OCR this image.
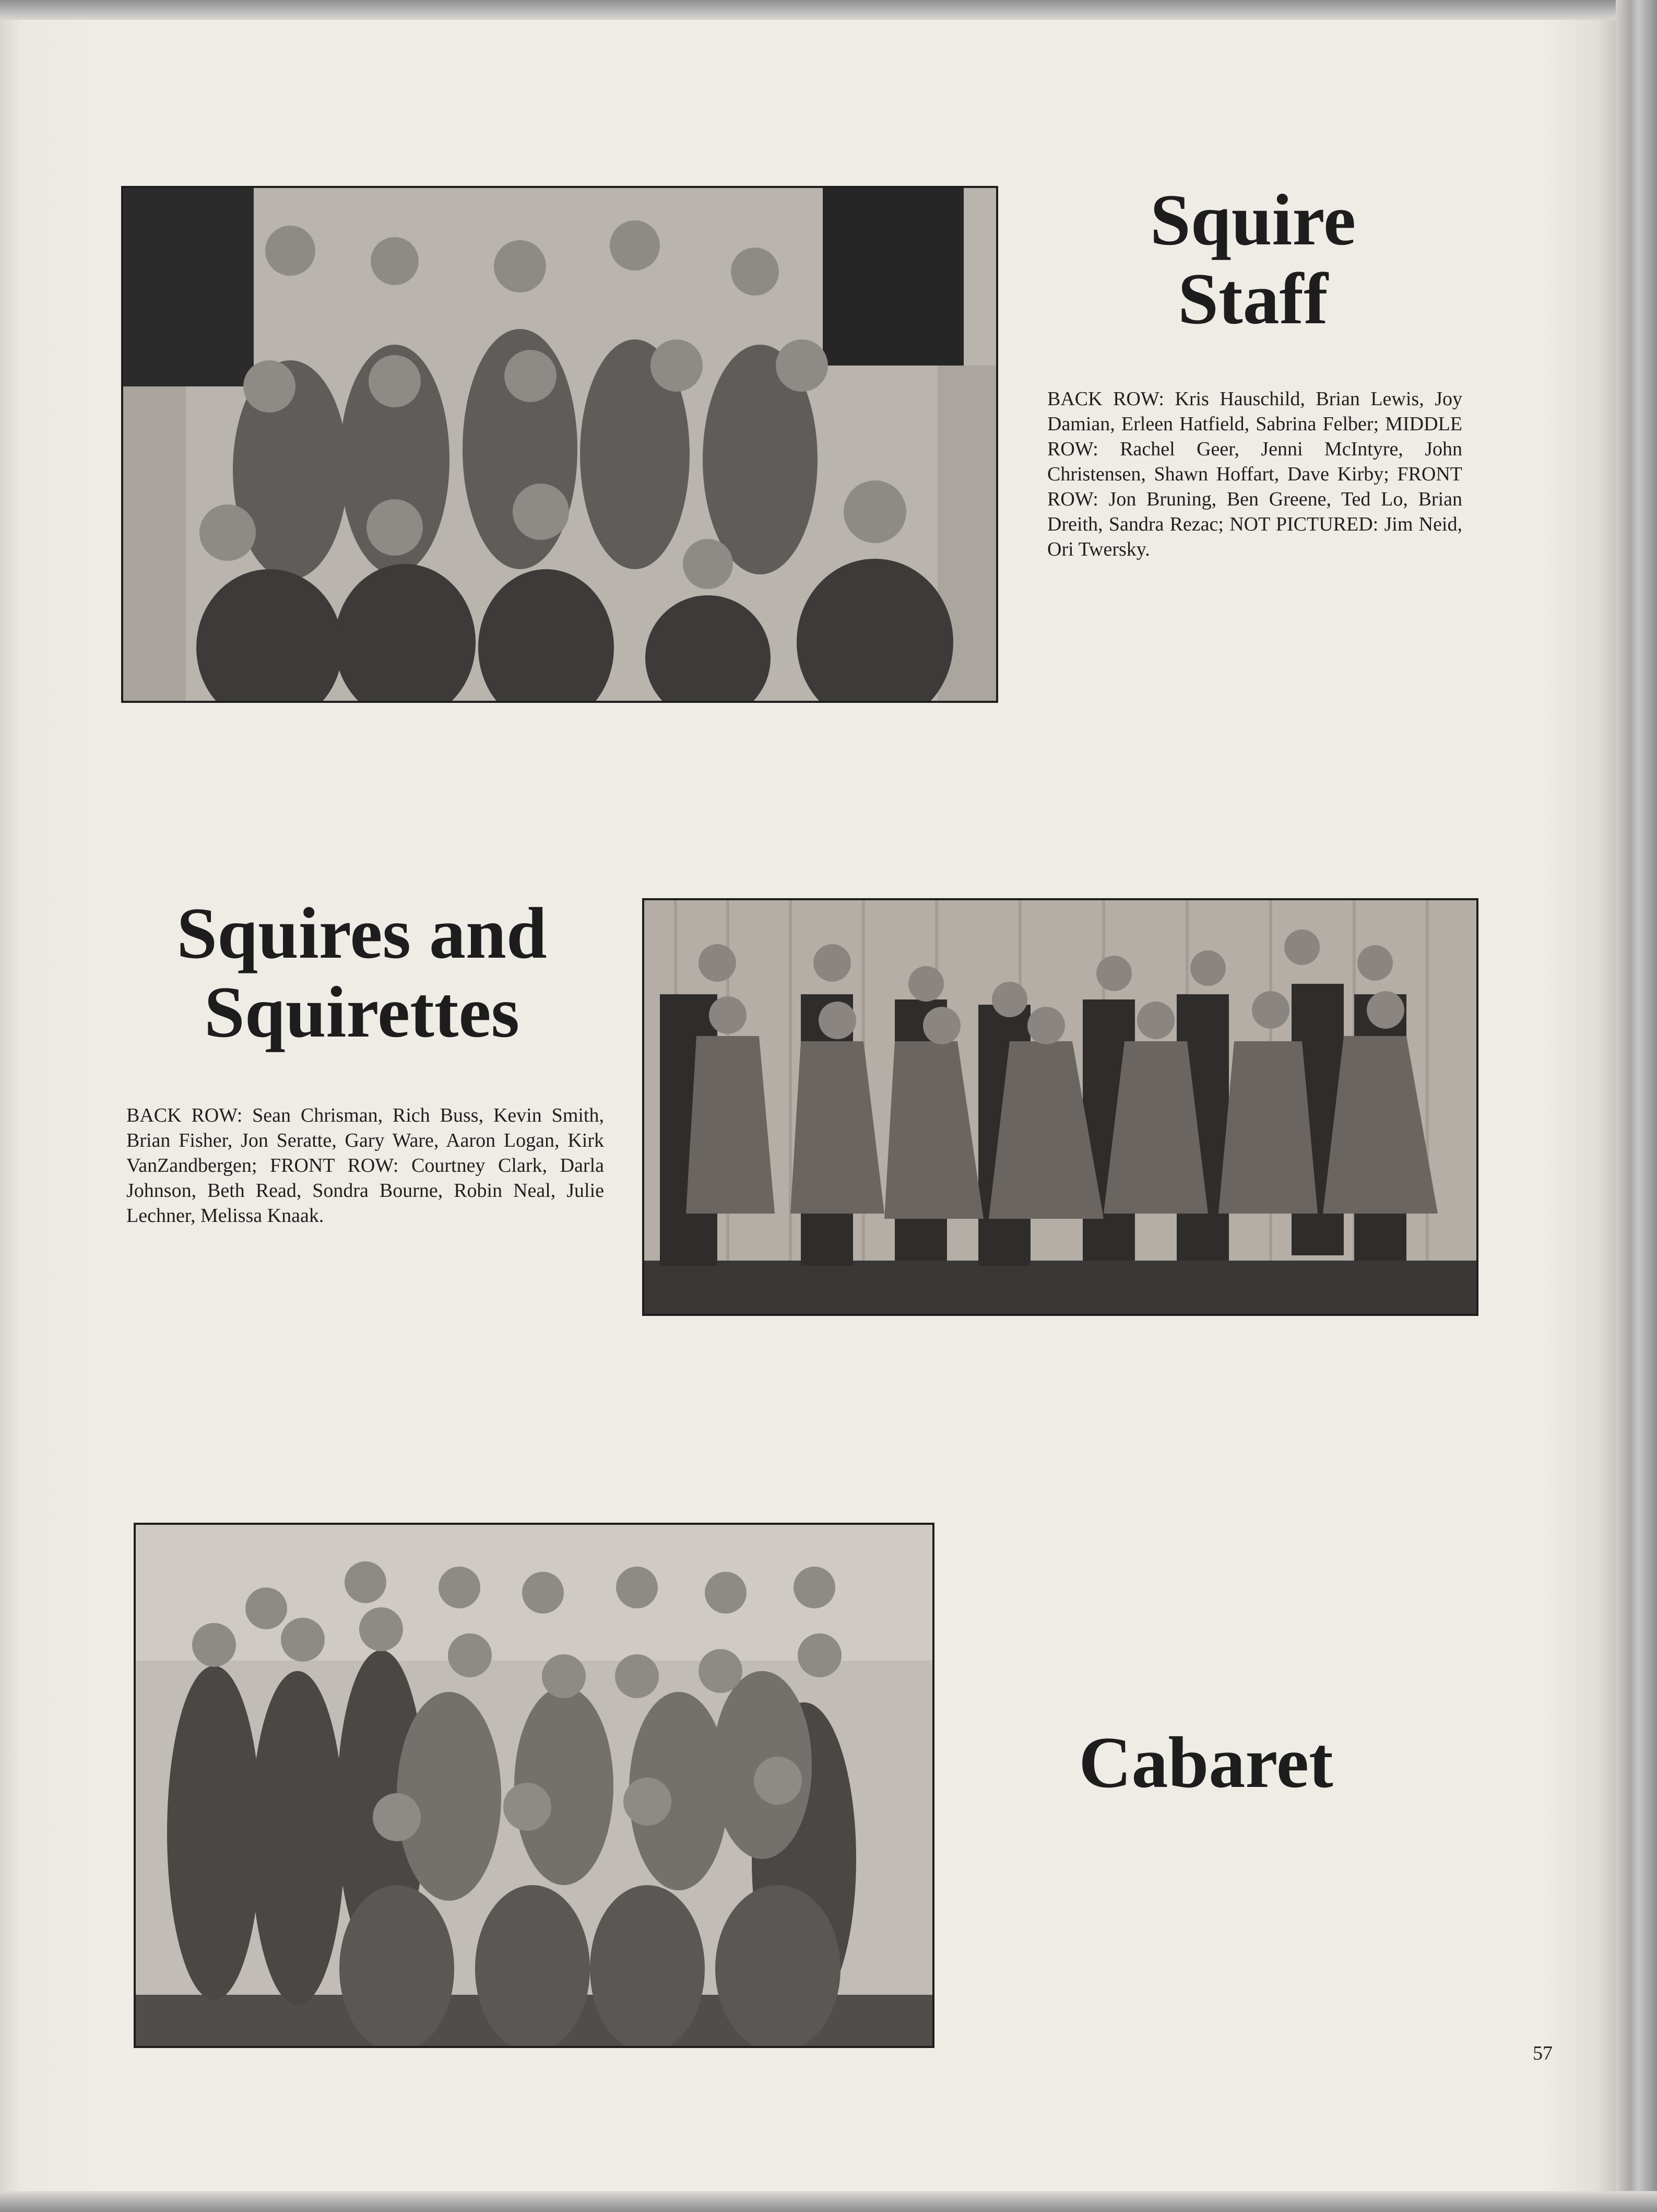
Squire Staff

BACK ROW: Kris Hauschild, Brian Lewis, Joy Damian, Erleen Hatfield, Sabrina Felber; MIDDLE ROW: Rachel Geer, Jenni McIntyre, John Christensen, Shawn Hoffart, Dave Kirby; FRONT ROW: Jon Bruning, Ben Greene, Ted Lo, Brian Dreith, Sandra Rezac; NOT PICTURED: Jim Neid, Ori Twersky.

Squires and Squirettes

BACK ROW: Sean Chrisman, Rich Buss, Kevin Smith, Brian Fisher, Jon Seratte, Gary Ware, Aaron Logan, Kirk VanZandbergen; FRONT ROW: Courtney Clark, Darla Johnson, Beth Read, Sondra Bourne, Robin Neal, Julie Lechner, Melissa Knaak.

Cabaret
57
